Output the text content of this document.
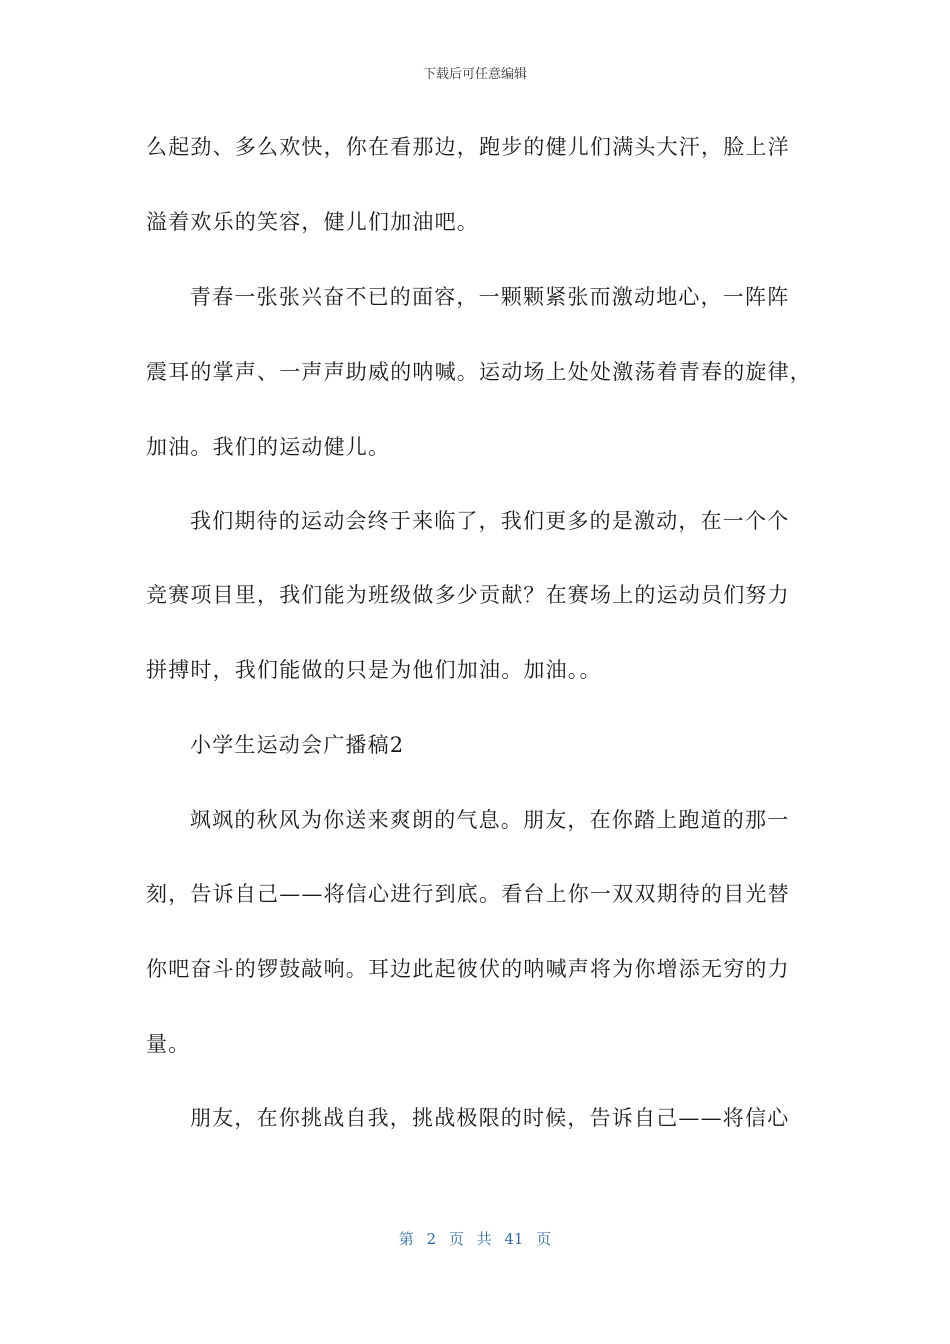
下载后可任意编辑
么起劲、多么欢快，你在看那边，跑步的健儿们满头大汗，脸上洋
溢着欢乐的笑容，健儿们加油吧。
青春一张张兴奋不已的面容，一颗颗紧张而激动地心，一阵阵
震耳的掌声、一声声助威的呐喊。运动场上处处激荡着青春的旋律，
加油。我们的运动健儿。
我们期待的运动会终于来临了，我们更多的是激动，在一个个
竞赛项目里，我们能为班级做多少贡献？在赛场上的运动员们努力
拼搏时，我们能做的只是为他们加油。加油。。
小学生运动会广播稿2
飒飒的秋风为你送来爽朗的气息。朋友，在你踏上跑道的那一
刻，告诉自己——将信心进行到底。看台上你一双双期待的目光替
你吧奋斗的锣鼓敲响。耳边此起彼伏的呐喊声将为你增添无穷的力
量。
朋友，在你挑战自我，挑战极限的时候，告诉自己——将信心
第 2 页 共 41 页
